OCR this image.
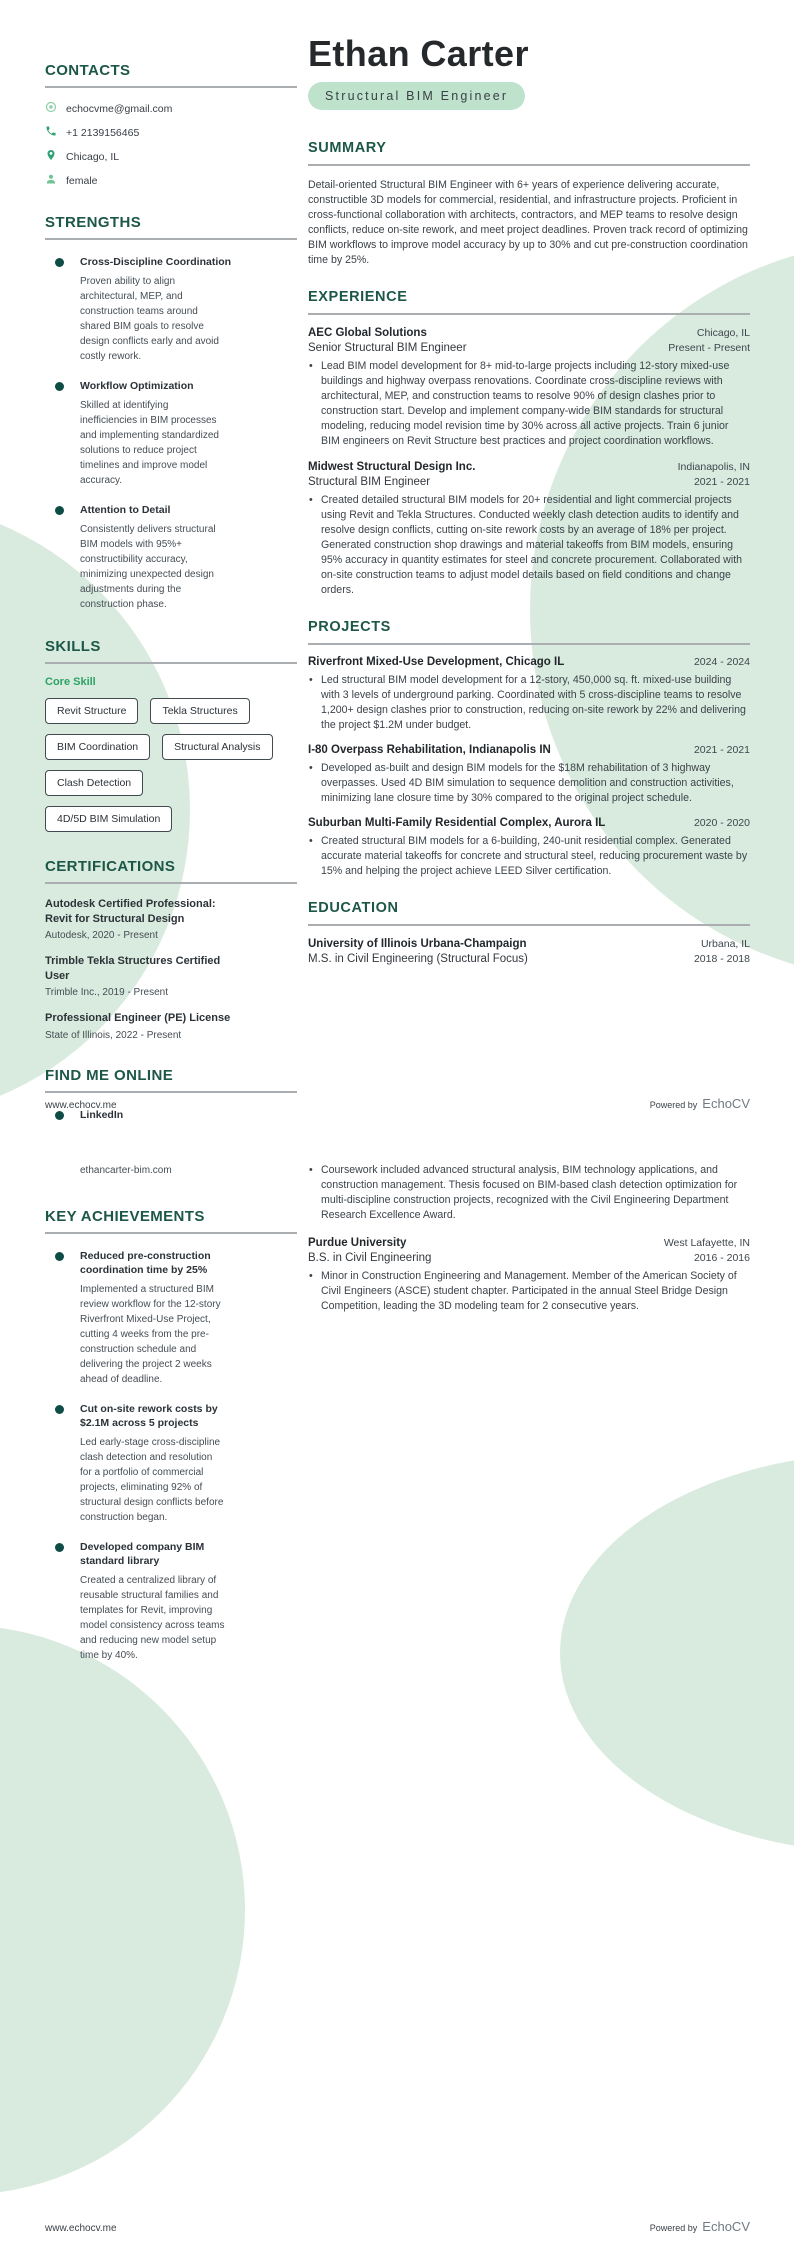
CONTACTS
echocvme@gmail.com
+1 2139156465
Chicago, IL
female
STRENGTHS
Cross-Discipline Coordination
Proven ability to align architectural, MEP, and construction teams around shared BIM goals to resolve design conflicts early and avoid costly rework.
Workflow Optimization
Skilled at identifying inefficiencies in BIM processes and implementing standardized solutions to reduce project timelines and improve model accuracy.
Attention to Detail
Consistently delivers structural BIM models with 95%+ constructibility accuracy, minimizing unexpected design adjustments during the construction phase.
SKILLS
Core Skill
Revit Structure	Tekla Structures
BIM Coordination	Structural Analysis
Clash Detection
4D/5D BIM Simulation
CERTIFICATIONS
Autodesk Certified Professional: Revit for Structural Design
Autodesk, 2020 - Present
Trimble Tekla Structures Certified User
Trimble Inc., 2019 - Present
Professional Engineer (PE) License
State of Illinois, 2022 - Present
FIND ME ONLINE
LinkedIn
Ethan Carter
Structural BIM Engineer
SUMMARY
Detail-oriented Structural BIM Engineer with 6+ years of experience delivering accurate, constructible 3D models for commercial, residential, and infrastructure projects. Proficient in cross-functional collaboration with architects, contractors, and MEP teams to resolve design conflicts, reduce on-site rework, and meet project deadlines. Proven track record of optimizing BIM workflows to improve model accuracy by up to 30% and cut pre-construction coordination time by 25%.
EXPERIENCE
AEC Global Solutions	Chicago, IL
Senior Structural BIM Engineer	Present - Present
• Lead BIM model development for 8+ mid-to-large projects including 12-story mixed-use buildings and highway overpass renovations. Coordinate cross-discipline reviews with architectural, MEP, and construction teams to resolve 90% of design clashes prior to construction start. Develop and implement company-wide BIM standards for structural modeling, reducing model revision time by 30% across all active projects. Train 6 junior BIM engineers on Revit Structure best practices and project coordination workflows.
Midwest Structural Design Inc.	Indianapolis, IN
Structural BIM Engineer	2021 - 2021
• Created detailed structural BIM models for 20+ residential and light commercial projects using Revit and Tekla Structures. Conducted weekly clash detection audits to identify and resolve design conflicts, cutting on-site rework costs by an average of 18% per project. Generated construction shop drawings and material takeoffs from BIM models, ensuring 95% accuracy in quantity estimates for steel and concrete procurement. Collaborated with on-site construction teams to adjust model details based on field conditions and change orders.
PROJECTS
Riverfront Mixed-Use Development, Chicago IL	2024 - 2024
• Led structural BIM model development for a 12-story, 450,000 sq. ft. mixed-use building with 3 levels of underground parking. Coordinated with 5 cross-discipline teams to resolve 1,200+ design clashes prior to construction, reducing on-site rework by 22% and delivering the project $1.2M under budget.
I-80 Overpass Rehabilitation, Indianapolis IN	2021 - 2021
• Developed as-built and design BIM models for the $18M rehabilitation of 3 highway overpasses. Used 4D BIM simulation to sequence demolition and construction activities, minimizing lane closure time by 30% compared to the original project schedule.
Suburban Multi-Family Residential Complex, Aurora IL	2020 - 2020
• Created structural BIM models for a 6-building, 240-unit residential complex. Generated accurate material takeoffs for concrete and structural steel, reducing procurement waste by 15% and helping the project achieve LEED Silver certification.
EDUCATION
University of Illinois Urbana-Champaign	Urbana, IL
M.S. in Civil Engineering (Structural Focus)	2018 - 2018
www.echocv.me	Powered by EchoCV
ethancarter-bim.com
KEY ACHIEVEMENTS
Reduced pre-construction coordination time by 25%
Implemented a structured BIM review workflow for the 12-story Riverfront Mixed-Use Project, cutting 4 weeks from the pre-construction schedule and delivering the project 2 weeks ahead of deadline.
Cut on-site rework costs by $2.1M across 5 projects
Led early-stage cross-discipline clash detection and resolution for a portfolio of commercial projects, eliminating 92% of structural design conflicts before construction began.
Developed company BIM standard library
Created a centralized library of reusable structural families and templates for Revit, improving model consistency across teams and reducing new model setup time by 40%.
• Coursework included advanced structural analysis, BIM technology applications, and construction management. Thesis focused on BIM-based clash detection optimization for multi-discipline construction projects, recognized with the Civil Engineering Department Research Excellence Award.
Purdue University	West Lafayette, IN
B.S. in Civil Engineering	2016 - 2016
• Minor in Construction Engineering and Management. Member of the American Society of Civil Engineers (ASCE) student chapter. Participated in the annual Steel Bridge Design Competition, leading the 3D modeling team for 2 consecutive years.
www.echocv.me	Powered by EchoCV
